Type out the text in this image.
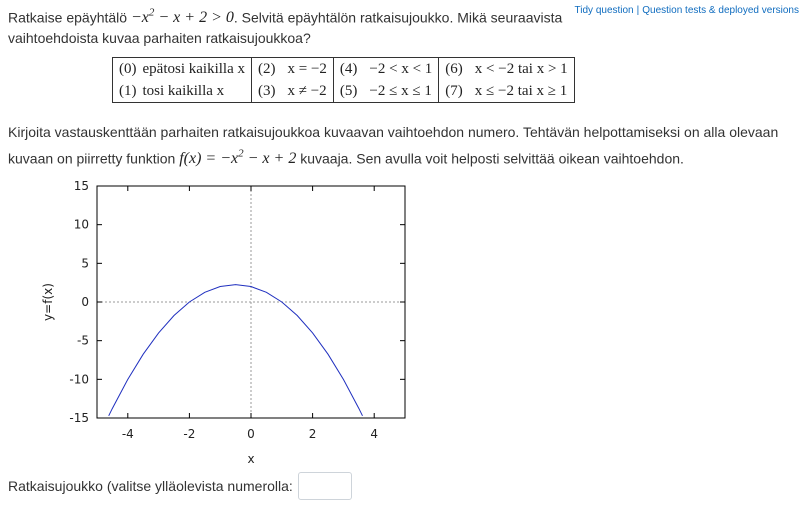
Ratkaise epäyhtälö $-x^2 - x + 2 > 0$. Selvitä epäyhtälön ratkaisujoukko. Mikä seuraavista vaihtoehdoista kuvaa parhaiten ratkaisujoukkoa?
Tidy question | Question tests & deployed versions
(0)	epätosi kaikilla x	(2)	x = −2	(4)	−2 < x < 1	(6)	x < −2 tai x > 1
(1)	tosi kaikilla x	(3)	x ≠ −2	(5)	−2 ≤ x ≤ 1	(7)	x ≤ −2 tai x ≥ 1
Kirjoita vastauskenttään parhaiten ratkaisujoukkoa kuvaavan vaihtoehdon numero. Tehtävän helpottamiseksi on alla olevaan kuvaan on piirretty funktion $f(x) = -x^2 - x + 2$ kuvaaja. Sen avulla voit helposti selvittää oikean vaihtoehdon.
-4	-2	0	2	4
15
10
5
0
-5
-10
-15
x
y=f(x)
Ratkaisujoukko (valitse ylläolevista numerolla:
